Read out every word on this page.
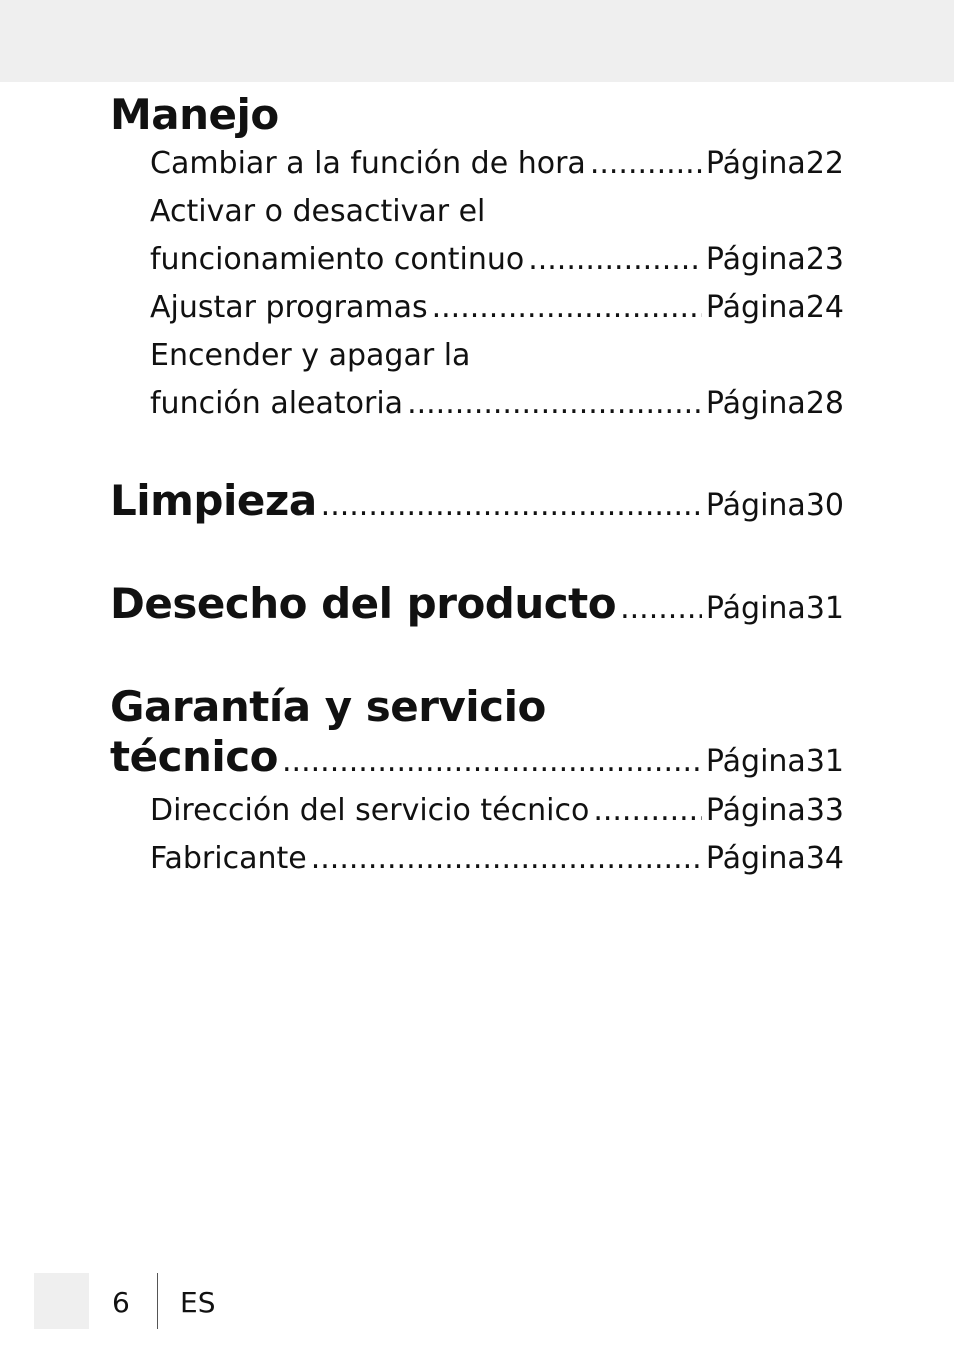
Manejo
Cambiar a la función de hora .....	Página 22
Activar o desactivar el
funcionamiento continuo .....	Página 23
Ajustar programas .....	Página 24
Encender y apagar la
función aleatoria .....	Página 28
Limpieza .....	Página 30
Desecho del producto .....	Página 31
Garantía y servicio
técnico .....	Página 31
Dirección del servicio técnico .....	Página 33
Fabricante .....	Página 34
6 ES
